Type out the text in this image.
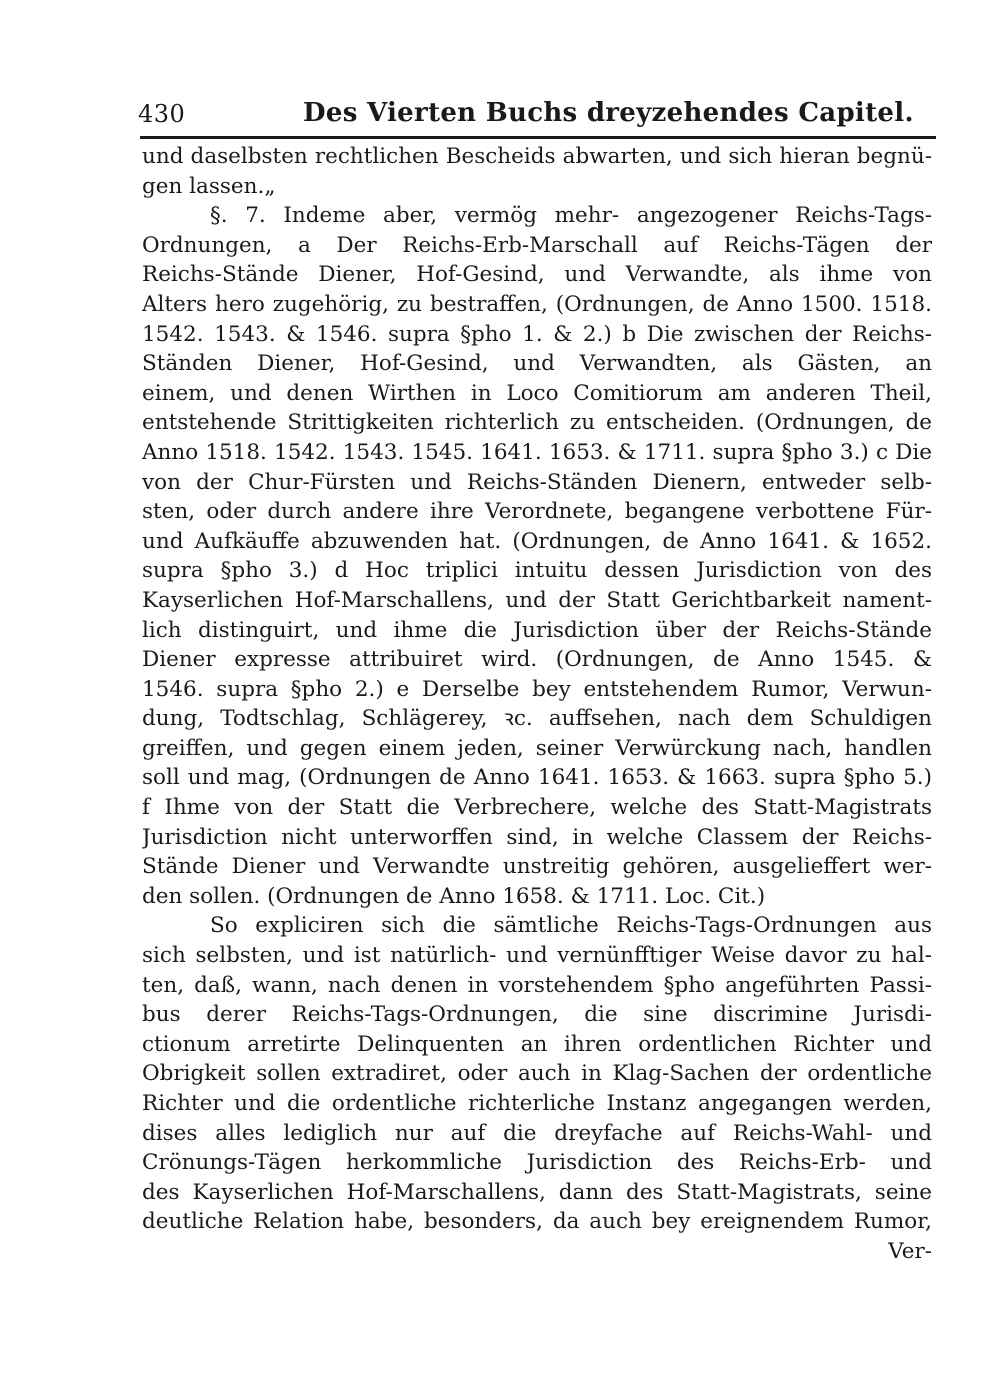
430	Des Vierten Buchs dreyzehendes Capitel.
und daselbsten rechtlichen Bescheids abwarten, und sich hieran begnü-
gen lassen.„
§. 7. Indeme aber, vermög mehr- angezogener Reichs-Tags-
Ordnungen, a Der Reichs-Erb-Marschall auf Reichs-Tägen der
Reichs-Stände Diener, Hof-Gesind, und Verwandte, als ihme von
Alters hero zugehörig, zu bestraffen, (Ordnungen, de Anno 1500. 1518.
1542. 1543. & 1546. supra §pho 1. & 2.) b Die zwischen der Reichs-
Ständen Diener, Hof-Gesind, und Verwandten, als Gästen, an
einem, und denen Wirthen in Loco Comitiorum am anderen Theil,
entstehende Strittigkeiten richterlich zu entscheiden. (Ordnungen, de
Anno 1518. 1542. 1543. 1545. 1641. 1653. & 1711. supra §pho 3.) c Die
von der Chur-Fürsten und Reichs-Ständen Dienern, entweder selb-
sten, oder durch andere ihre Verordnete, begangene verbottene Für-
und Aufkäuffe abzuwenden hat. (Ordnungen, de Anno 1641. & 1652.
supra §pho 3.) d Hoc triplici intuitu dessen Jurisdiction von des
Kayserlichen Hof-Marschallens, und der Statt Gerichtbarkeit nament-
lich distinguirt, und ihme die Jurisdiction über der Reichs-Stände
Diener expresse attribuiret wird. (Ordnungen, de Anno 1545. &
1546. supra §pho 2.) e Derselbe bey entstehendem Rumor, Verwun-
dung, Todtschlag, Schlägerey, ꝛc. auffsehen, nach dem Schuldigen
greiffen, und gegen einem jeden, seiner Verwürckung nach, handlen
soll und mag, (Ordnungen de Anno 1641. 1653. & 1663. supra §pho 5.)
f Ihme von der Statt die Verbrechere, welche des Statt-Magistrats
Jurisdiction nicht unterworffen sind, in welche Classem der Reichs-
Stände Diener und Verwandte unstreitig gehören, ausgelieffert wer-
den sollen. (Ordnungen de Anno 1658. & 1711. Loc. Cit.)
So expliciren sich die sämtliche Reichs-Tags-Ordnungen aus
sich selbsten, und ist natürlich- und vernünfftiger Weise davor zu hal-
ten, daß, wann, nach denen in vorstehendem §pho angeführten Passi-
bus derer Reichs-Tags-Ordnungen, die sine discrimine Jurisdi-
ctionum arretirte Delinquenten an ihren ordentlichen Richter und
Obrigkeit sollen extradiret, oder auch in Klag-Sachen der ordentliche
Richter und die ordentliche richterliche Instanz angegangen werden,
dises alles lediglich nur auf die dreyfache auf Reichs-Wahl- und
Crönungs-Tägen herkommliche Jurisdiction des Reichs-Erb- und
des Kayserlichen Hof-Marschallens, dann des Statt-Magistrats, seine
deutliche Relation habe, besonders, da auch bey ereignendem Rumor,
Ver-
